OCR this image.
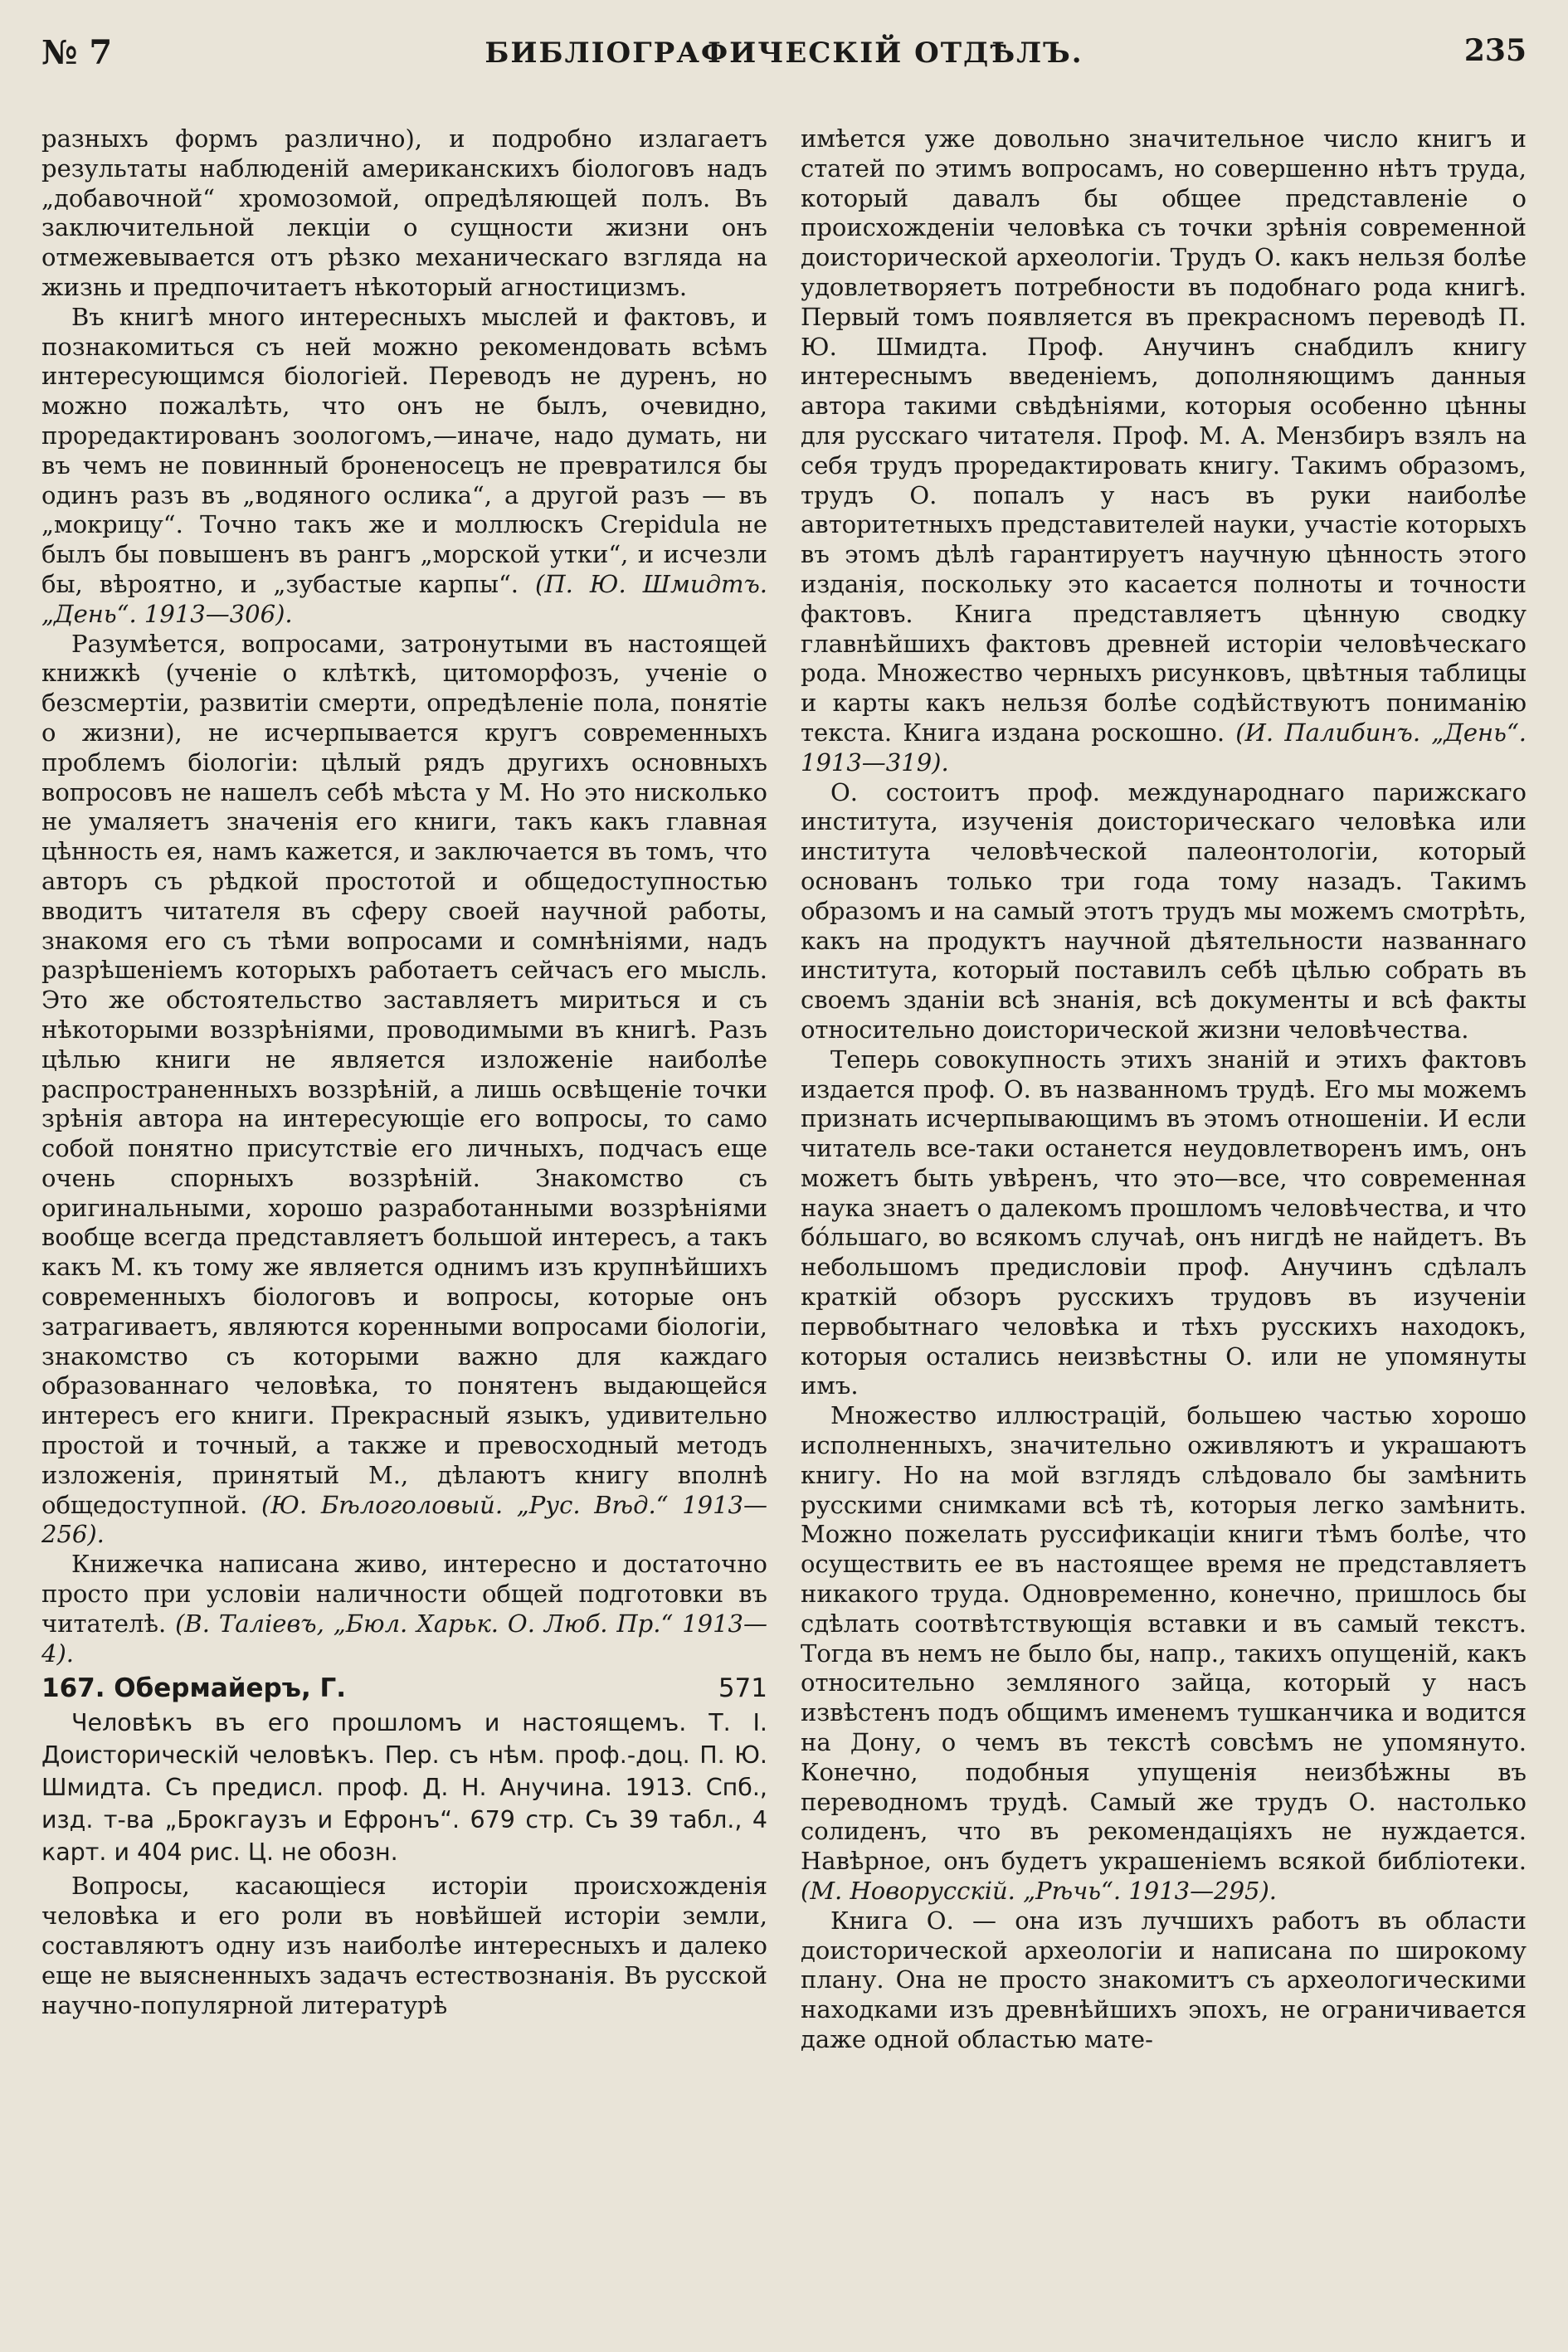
№ 7	БИБЛІОГРАФИЧЕСКІЙ ОТДѢЛЪ.	235

разныхъ формъ различно), и подробно излагаетъ результаты наблюденій американскихъ біологовъ надъ „добавочной“ хромозомой, опредѣляющей полъ. Въ заключительной лекціи о сущности жизни онъ отмежевывается отъ рѣзко механическаго взгляда на жизнь и предпочитаетъ нѣкоторый агностицизмъ.

Въ книгѣ много интересныхъ мыслей и фактовъ, и познакомиться съ ней можно рекомендовать всѣмъ интересующимся біологіей. Переводъ не дуренъ, но можно пожалѣть, что онъ не былъ, очевидно, проредактированъ зоологомъ,—иначе, надо думать, ни въ чемъ не повинный броненосецъ не превратился бы одинъ разъ въ „водяного ослика“, а другой разъ — въ „мокрицу“. Точно такъ же и моллюскъ Crepidula не былъ бы повышенъ въ рангъ „морской утки“, и исчезли бы, вѣроятно, и „зубастые карпы“. (П. Ю. Шмидтъ. „День“. 1913—306).

Разумѣется, вопросами, затронутыми въ настоящей книжкѣ (ученіе о клѣткѣ, цитоморфозъ, ученіе о безсмертіи, развитіи смерти, опредѣленіе пола, понятіе о жизни), не исчерпывается кругъ современныхъ проблемъ біологіи: цѣлый рядъ другихъ основныхъ вопросовъ не нашелъ себѣ мѣста у М. Но это нисколько не умаляетъ значенія его книги, такъ какъ главная цѣнность ея, намъ кажется, и заключается въ томъ, что авторъ съ рѣдкой простотой и общедоступностью вводитъ читателя въ сферу своей научной работы, знакомя его съ тѣми вопросами и сомнѣніями, надъ разрѣшеніемъ которыхъ работаетъ сейчасъ его мысль. Это же обстоятельство заставляетъ мириться и съ нѣкоторыми воззрѣніями, проводимыми въ книгѣ. Разъ цѣлью книги не является изложеніе наиболѣе распространенныхъ воззрѣній, а лишь освѣщеніе точки зрѣнія автора на интересующіе его вопросы, то само собой понятно присутствіе его личныхъ, подчасъ еще очень спорныхъ воззрѣній. Знакомство съ оригинальными, хорошо разработанными воззрѣніями вообще всегда представляетъ большой интересъ, а такъ какъ М. къ тому же является однимъ изъ крупнѣйшихъ современныхъ біологовъ и вопросы, которые онъ затрагиваетъ, являются коренными вопросами біологіи, знакомство съ которыми важно для каждаго образованнаго человѣка, то понятенъ выдающейся интересъ его книги. Прекрасный языкъ, удивительно простой и точный, а также и превосходный методъ изложенія, принятый М., дѣлаютъ книгу вполнѣ общедоступной. (Ю. Бѣлоголовый. „Рус. Вѣд.“ 1913—256).

Книжечка написана живо, интересно и достаточно просто при условіи наличности общей подготовки въ читателѣ. (В. Таліевъ, „Бюл. Харьк. О. Люб. Пр.“ 1913—4).

167. Обермайеръ, Г.	571
Человѣкъ въ его прошломъ и настоящемъ. Т. I. Доисторическій человѣкъ. Пер. съ нѣм. проф.-доц. П. Ю. Шмидта. Съ предисл. проф. Д. Н. Анучина. 1913. Спб., изд. т-ва „Брокгаузъ и Ефронъ“. 679 стр. Съ 39 табл., 4 карт. и 404 рис. Ц. не обозн.

Вопросы, касающіеся исторіи происхожденія человѣка и его роли въ новѣйшей исторіи земли, составляютъ одну изъ наиболѣе интересныхъ и далеко еще не выясненныхъ задачъ естествознанія. Въ русской научно-популярной литературѣ

имѣется уже довольно значительное число книгъ и статей по этимъ вопросамъ, но совершенно нѣтъ труда, который давалъ бы общее представленіе о происхожденіи человѣка съ точки зрѣнія современной доисторической археологіи. Трудъ О. какъ нельзя болѣе удовлетворяетъ потребности въ подобнаго рода книгѣ. Первый томъ появляется въ прекрасномъ переводѣ П. Ю. Шмидта. Проф. Анучинъ снабдилъ книгу интереснымъ введеніемъ, дополняющимъ данныя автора такими свѣдѣніями, которыя особенно цѣнны для русскаго читателя. Проф. М. А. Мензбиръ взялъ на себя трудъ проредактировать книгу. Такимъ образомъ, трудъ О. попалъ у насъ въ руки наиболѣе авторитетныхъ представителей науки, участіе которыхъ въ этомъ дѣлѣ гарантируетъ научную цѣнность этого изданія, поскольку это касается полноты и точности фактовъ. Книга представляетъ цѣнную сводку главнѣйшихъ фактовъ древней исторіи человѣческаго рода. Множество черныхъ рисунковъ, цвѣтныя таблицы и карты какъ нельзя болѣе содѣйствуютъ пониманію текста. Книга издана роскошно. (И. Палибинъ. „День“. 1913—319).

О. состоитъ проф. международнаго парижскаго института, изученія доисторическаго человѣка или института человѣческой палеонтологіи, который основанъ только три года тому назадъ. Такимъ образомъ и на самый этотъ трудъ мы можемъ смотрѣть, какъ на продуктъ научной дѣятельности названнаго института, который поставилъ себѣ цѣлью собрать въ своемъ зданіи всѣ знанія, всѣ документы и всѣ факты относительно доисторической жизни человѣчества.

Теперь совокупность этихъ знаній и этихъ фактовъ издается проф. О. въ названномъ трудѣ. Его мы можемъ признать исчерпывающимъ въ этомъ отношеніи. И если читатель все-таки останется неудовлетворенъ имъ, онъ можетъ быть увѣренъ, что это—все, что современная наука знаетъ о далекомъ прошломъ человѣчества, и что бо́льшаго, во всякомъ случаѣ, онъ нигдѣ не найдетъ. Въ небольшомъ предисловіи проф. Анучинъ сдѣлалъ краткій обзоръ русскихъ трудовъ въ изученіи первобытнаго человѣка и тѣхъ русскихъ находокъ, которыя остались неизвѣстны О. или не упомянуты имъ.

Множество иллюстрацій, большею частью хорошо исполненныхъ, значительно оживляютъ и украшаютъ книгу. Но на мой взглядъ слѣдовало бы замѣнить русскими снимками всѣ тѣ, которыя легко замѣнить. Можно пожелать руссификаціи книги тѣмъ болѣе, что осуществить ее въ настоящее время не представляетъ никакого труда. Одновременно, конечно, пришлось бы сдѣлать соотвѣтствующія вставки и въ самый текстъ. Тогда въ немъ не было бы, напр., такихъ опущеній, какъ относительно земляного зайца, который у насъ извѣстенъ подъ общимъ именемъ тушканчика и водится на Дону, о чемъ въ текстѣ совсѣмъ не упомянуто. Конечно, подобныя упущенія неизбѣжны въ переводномъ трудѣ. Самый же трудъ О. настолько солиденъ, что въ рекомендаціяхъ не нуждается. Навѣрное, онъ будетъ украшеніемъ всякой библіотеки. (М. Новорусскій. „Рѣчь“. 1913—295).

Книга О. — она изъ лучшихъ работъ въ области доисторической археологіи и написана по широкому плану. Она не просто знакомитъ съ археологическими находками изъ древнѣйшихъ эпохъ, не ограничивается даже одной областью мате-
